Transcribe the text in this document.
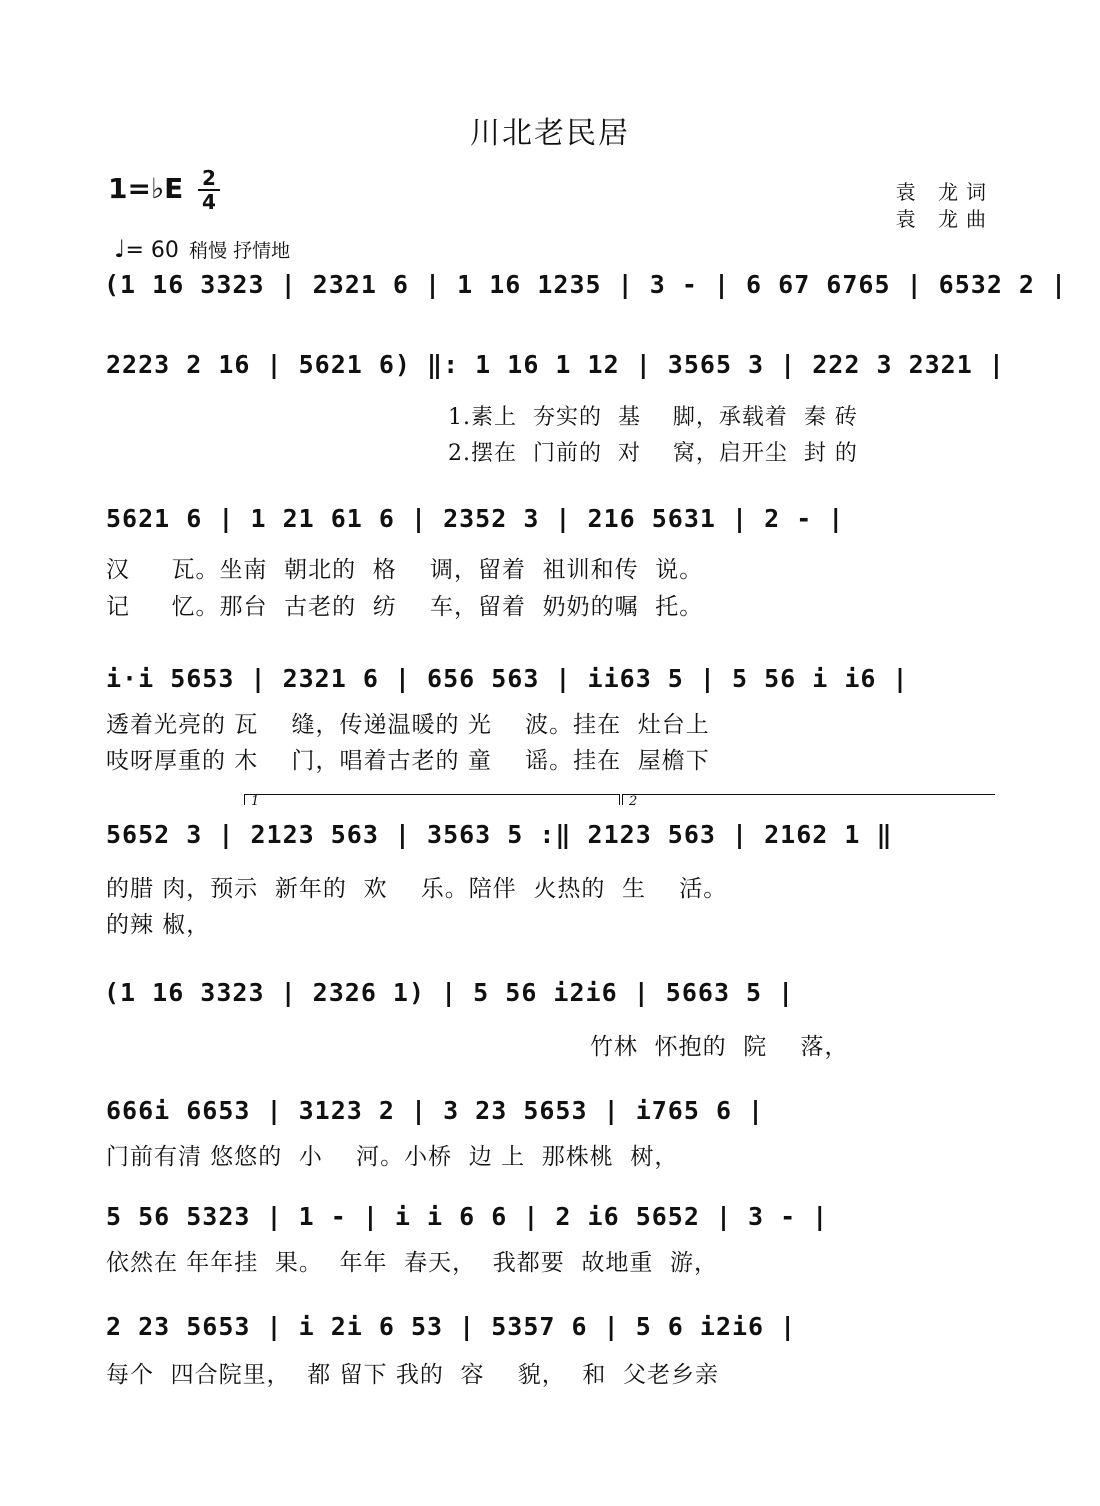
川北老民居
1=♭E 2
4

♩= 60 稍慢 抒情地

袁 龙词
袁 龙曲
(1 16 3323 | 2321 6 | 1 16 1235 | 3 - | 6 67 6765 | 6532 2 |
2223 2 16 | 5621 6) ‖: 1 16 1 12 | 3565 3 | 222 3 2321 |
1.素上  夯实的  基    脚，承载着  秦 砖
2.摆在  门前的  对    窝，启开尘  封 的
5621 6 | 1 21 61 6 | 2352 3 | 216 5631 | 2 - |
汉     瓦。坐南  朝北的  格    调，留着  祖训和传  说。
记     忆。那台  古老的  纺    车，留着  奶奶的嘱  托。
i·i 5653 | 2321 6 | 656 563 | ii63 5 | 5 56 i i6 |
透着光亮的 瓦    缝，传递温暖的 光    波。挂在  灶台上
吱呀厚重的 木    门，唱着古老的 童    谣。挂在  屋檐下
1	2
5652 3 | 2123 563 | 3563 5 :‖ 2123 563 | 2162 1 ‖
的腊 肉，预示  新年的  欢    乐。陪伴  火热的  生    活。
的辣 椒，
(1 16 3323 | 2326 1) | 5 56 i2i6 | 5663 5 |
竹林  怀抱的  院    落，
666i 6653 | 3123 2 | 3 23 5653 | i765 6 |
门前有清 悠悠的  小    河。小桥  边 上  那株桃  树，
5 56 5323 | 1 - | i i 6 6 | 2 i6 5652 | 3 - |
依然在 年年挂  果。  年年  春天，  我都要  故地重  游，
2 23 5653 | i 2i 6 53 | 5357 6 | 5 6 i2i6 |
每个  四合院里，  都 留下 我的  容    貌，  和  父老乡亲
